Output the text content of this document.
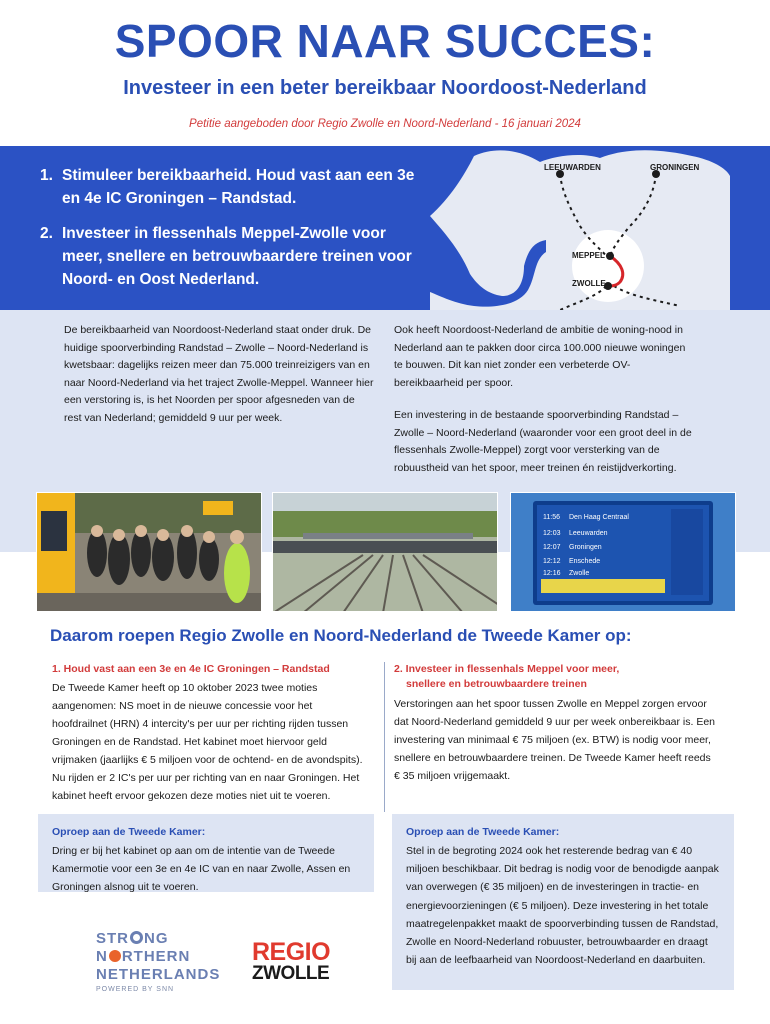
SPOOR NAAR SUCCES:
Investeer in een beter bereikbaar Noordoost-Nederland
Petitie aangeboden door Regio Zwolle en Noord-Nederland - 16 januari 2024
1. Stimuleer bereikbaarheid. Houd vast aan een 3e en 4e IC Groningen – Randstad.
2. Investeer in flessenhals Meppel-Zwolle voor meer, snellere en betrouwbaardere treinen voor Noord- en Oost Nederland.
LEEUWARDEN	GRONINGEN
MEPPEL
ZWOLLE

De bereikbaarheid van Noordoost-Nederland staat onder druk. De huidige spoorverbinding Randstad – Zwolle – Noord-Nederland is kwetsbaar: dagelijks reizen meer dan 75.000 treinreizigers van en naar Noord-Nederland via het traject Zwolle-Meppel. Wanneer hier een verstoring is, is het Noorden per spoor afgesneden van de rest van Nederland; gemiddeld 9 uur per week.

Ook heeft Noordoost-Nederland de ambitie de woning-nood in Nederland aan te pakken door circa 100.000 nieuwe woningen te bouwen. Dit kan niet zonder een verbeterde OV-bereikbaarheid per spoor.

Een investering in de bestaande spoorverbinding Randstad – Zwolle – Noord-Nederland (waaronder voor een groot deel in de flessenhals Zwolle-Meppel) zorgt voor versterking van de robuustheid van het spoor, meer treinen én reistijdverkorting.

11:56 Den Haag Centraal
12:03 Leeuwarden
12:07 Groningen
12:12 Enschede
12:16 Zwolle
Daarom roepen Regio Zwolle en Noord-Nederland de Tweede Kamer op:
1. Houd vast aan een 3e en 4e IC Groningen – Randstad
De Tweede Kamer heeft op 10 oktober 2023 twee moties aangenomen: NS moet in de nieuwe concessie voor het hoofdrailnet (HRN) 4 intercity's per uur per richting rijden tussen Groningen en de Randstad. Het kabinet moet hiervoor geld vrijmaken (jaarlijks € 5 miljoen voor de ochtend- en de avondspits). Nu rijden er 2 IC's per uur per richting van en naar Groningen. Het kabinet heeft ervoor gekozen deze moties niet uit te voeren.
2. Investeer in flessenhals Meppel voor meer,
snellere en betrouwbaardere treinen
Verstoringen aan het spoor tussen Zwolle en Meppel zorgen ervoor dat Noord-Nederland gemiddeld 9 uur per week onbereikbaar is. Een investering van minimaal € 75 miljoen (ex. BTW) is nodig voor meer, snellere en betrouwbaardere treinen. De Tweede Kamer heeft reeds € 35 miljoen vrijgemaakt.
Oproep aan de Tweede Kamer:
Dring er bij het kabinet op aan om de intentie van de Tweede Kamermotie voor een 3e en 4e IC van en naar Zwolle, Assen en Groningen alsnog uit te voeren.
Oproep aan de Tweede Kamer:
Stel in de begroting 2024 ook het resterende bedrag van € 40 miljoen beschikbaar. Dit bedrag is nodig voor de benodigde aanpak van overwegen (€ 35 miljoen) en de investeringen in tractie- en energievoorzieningen (€ 5 miljoen). Deze investering in het totale maatregelenpakket maakt de spoorverbinding tussen de Randstad, Zwolle en Noord-Nederland robuuster, betrouwbaarder en draagt bij aan de leefbaarheid van Noordoost-Nederland en daarbuiten.
STR NG
N RTHERN
NETHERLANDS
POWERED BY SNN
REGIO
ZWOLLE
